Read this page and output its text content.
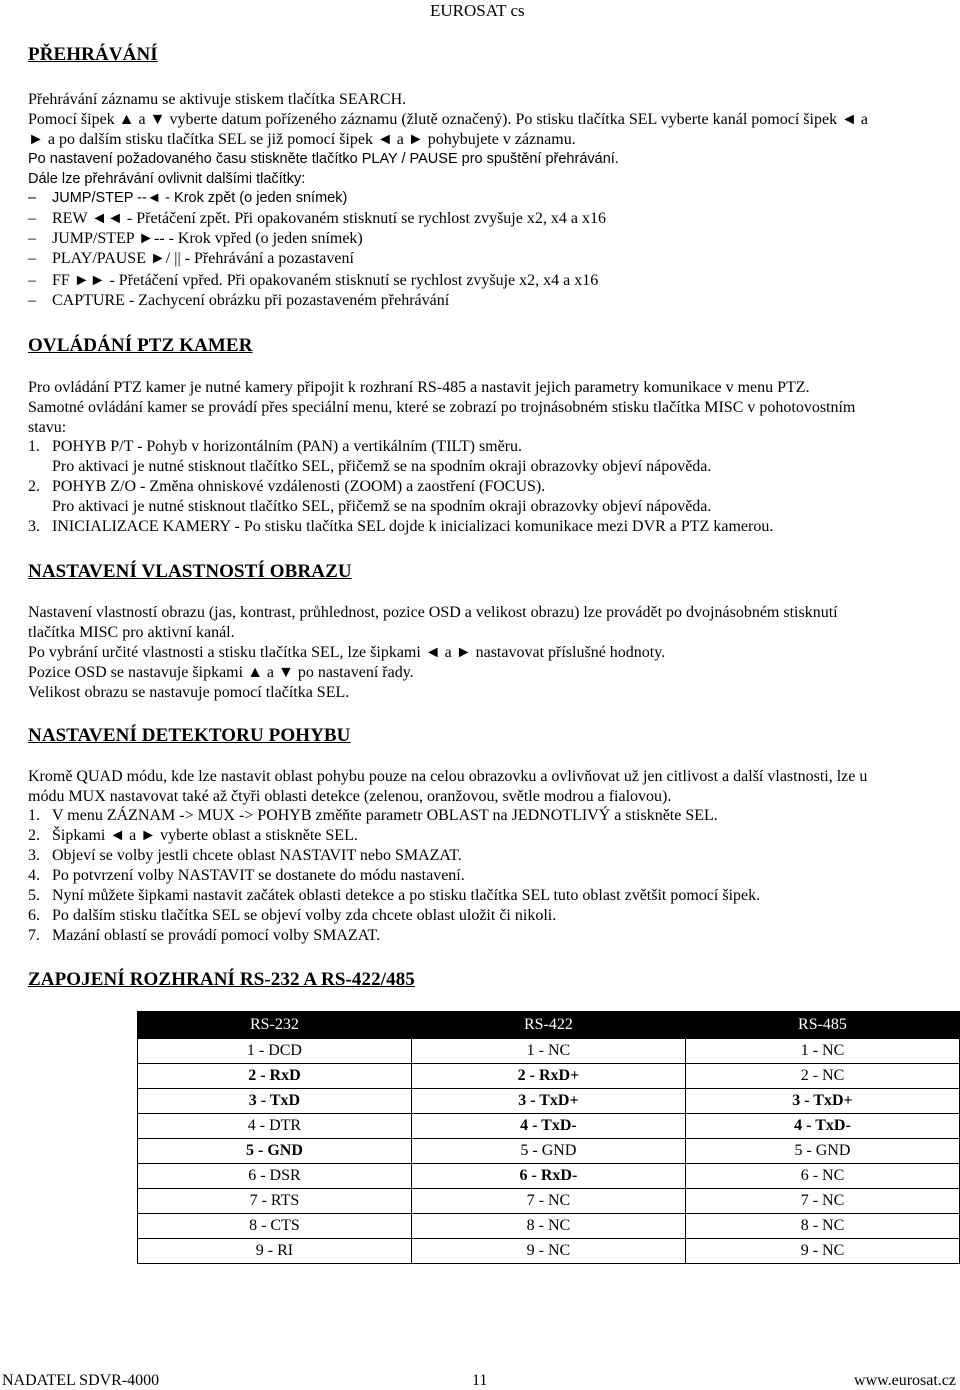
EUROSAT cs
PŘEHRÁVÁNÍ
Přehrávání záznamu se aktivuje stiskem tlačítka SEARCH.
Pomocí šipek ▲ a ▼ vyberte datum pořízeného záznamu (žlutě označený). Po stisku tlačítka SEL vyberte kanál pomocí šipek ◄ a
► a po dalším stisku tlačítka SEL se již pomocí šipek ◄ a ► pohybujete v záznamu.
Po nastavení požadovaného času stiskněte tlačítko PLAY / PAUSE pro spuštění přehrávání.
Dále lze přehrávání ovlivnit dalšími tlačítky:
– JUMP/STEP --◄ - Krok zpět (o jeden snímek)
– REW ◄◄ - Přetáčení zpět. Při opakovaném stisknutí se rychlost zvyšuje x2, x4 a x16
– JUMP/STEP ►-- - Krok vpřed (o jeden snímek)
– PLAY/PAUSE ►/ || - Přehrávání a pozastavení
– FF ►► - Přetáčení vpřed. Při opakovaném stisknutí se rychlost zvyšuje x2, x4 a x16
– CAPTURE - Zachycení obrázku při pozastaveném přehrávání
OVLÁDÁNÍ PTZ KAMER
Pro ovládání PTZ kamer je nutné kamery připojit k rozhraní RS-485 a nastavit jejich parametry komunikace v menu PTZ.
Samotné ovládání kamer se provádí přes speciální menu, které se zobrazí po trojnásobném stisku tlačítka MISC v pohotovostním
stavu:
1. POHYB P/T - Pohyb v horizontálním (PAN) a vertikálním (TILT) směru.
Pro aktivaci je nutné stisknout tlačítko SEL, přičemž se na spodním okraji obrazovky objeví nápověda.
2. POHYB Z/O - Změna ohniskové vzdálenosti (ZOOM) a zaostření (FOCUS).
Pro aktivaci je nutné stisknout tlačítko SEL, přičemž se na spodním okraji obrazovky objeví nápověda.
3. INICIALIZACE KAMERY - Po stisku tlačítka SEL dojde k inicializaci komunikace mezi DVR a PTZ kamerou.
NASTAVENÍ VLASTNOSTÍ OBRAZU
Nastavení vlastností obrazu (jas, kontrast, průhlednost, pozice OSD a velikost obrazu) lze provádět po dvojnásobném stisknutí
tlačítka MISC pro aktivní kanál.
Po vybrání určité vlastnosti a stisku tlačítka SEL, lze šipkami ◄ a ► nastavovat příslušné hodnoty.
Pozice OSD se nastavuje šipkami ▲ a ▼ po nastavení řady.
Velikost obrazu se nastavuje pomocí tlačítka SEL.
NASTAVENÍ DETEKTORU POHYBU
Kromě QUAD módu, kde lze nastavit oblast pohybu pouze na celou obrazovku a ovlivňovat už jen citlivost a další vlastnosti, lze u
módu MUX nastavovat také až čtyři oblasti detekce (zelenou, oranžovou, světle modrou a fialovou).
1. V menu ZÁZNAM -> MUX -> POHYB změňte parametr OBLAST na JEDNOTLIVÝ a stiskněte SEL.
2. Šipkami ◄ a ► vyberte oblast a stiskněte SEL.
3. Objeví se volby jestli chcete oblast NASTAVIT nebo SMAZAT.
4. Po potvrzení volby NASTAVIT se dostanete do módu nastavení.
5. Nyní můžete šipkami nastavit začátek oblasti detekce a po stisku tlačítka SEL tuto oblast zvětšit pomocí šipek.
6. Po dalším stisku tlačítka SEL se objeví volby zda chcete oblast uložit či nikoli.
7. Mazání oblastí se provádí pomocí volby SMAZAT.
ZAPOJENÍ ROZHRANÍ RS-232 A RS-422/485
RS-232	RS-422	RS-485
1 - DCD	1 - NC	1 - NC
2 - RxD	2 - RxD+	2 - NC
3 - TxD	3 - TxD+	3 - TxD+
4 - DTR	4 - TxD-	4 - TxD-
5 - GND	5 - GND	5 - GND
6 - DSR	6 - RxD-	6 - NC
7 - RTS	7 - NC	7 - NC
8 - CTS	8 - NC	8 - NC
9 - RI	9 - NC	9 - NC
NADATEL SDVR-4000	11	www.eurosat.cz
